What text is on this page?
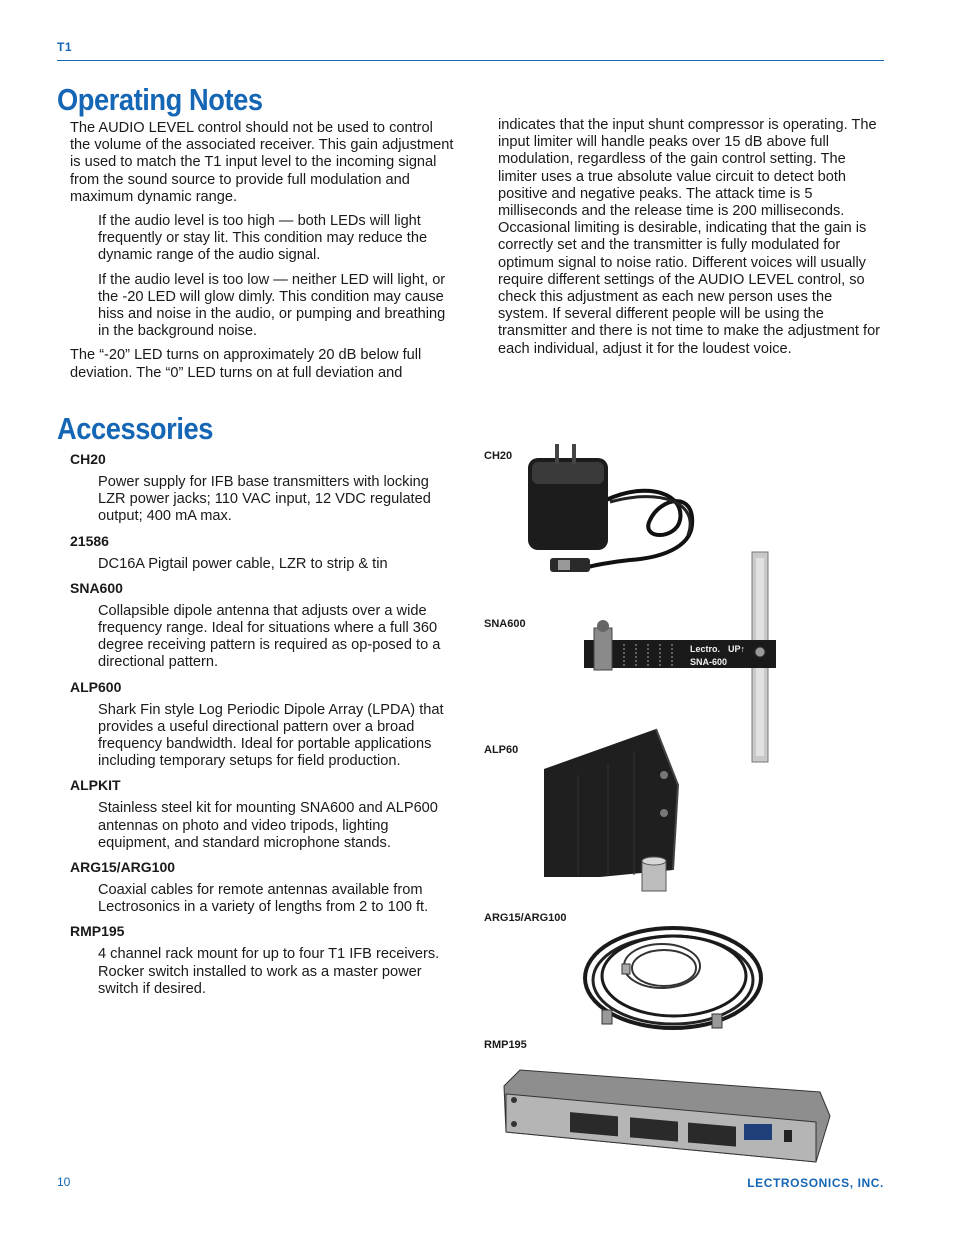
T1
Operating Notes

The AUDIO LEVEL control should not be used to control the volume of the associated receiver. This gain adjustment is used to match the T1 input level to the incoming signal from the sound source to provide full modulation and maximum dynamic range.

If the audio level is too high — both LEDs will light frequently or stay lit. This condition may reduce the dynamic range of the audio signal.

If the audio level is too low — neither LED will light, or the -20 LED will glow dimly. This condition may cause hiss and noise in the audio, or pumping and breathing in the background noise.

The “-20” LED turns on approximately 20 dB below full deviation. The “0” LED turns on at full deviation and

indicates that the input shunt compressor is operating. The input limiter will handle peaks over 15 dB above full modulation, regardless of the gain control setting. The limiter uses a true absolute value circuit to detect both positive and negative peaks. The attack time is 5 milliseconds and the release time is 200 milliseconds. Occasional limiting is desirable, indicating that the gain is correctly set and the transmitter is fully modulated for optimum signal to noise ratio. Different voices will usually require different settings of the AUDIO LEVEL control, so check this adjustment as each new person uses the system. If several different people will be using the transmitter and there is not time to make the adjustment for each individual, adjust it for the loudest voice.

Accessories
CH20

Power supply for IFB base transmitters with locking LZR power jacks; 110 VAC input, 12 VDC regulated output; 400 mA max.

21586

DC16A Pigtail power cable, LZR to strip & tin

SNA600

Collapsible dipole antenna that adjusts over a wide frequency range. Ideal for situations where a full 360 degree receiving pattern is required as op-posed to a directional pattern.

ALP600

Shark Fin style Log Periodic Dipole Array (LPDA) that provides a useful directional pattern over a broad frequency bandwidth. Ideal for portable applications including temporary setups for field production.

ALPKIT

Stainless steel kit for mounting SNA600 and ALP600 antennas on photo and video tripods, lighting equipment, and standard microphone stands.

ARG15/ARG100

Coaxial cables for remote antennas available from Lectrosonics in a variety of lengths from 2 to 100 ft.

RMP195

4 channel rack mount for up to four T1 IFB receivers. Rocker switch installed to work as a master power switch if desired.

CH20
SNA600
ALP60
ARG15/ARG100
RMP195
Lectro. UP↑
SNA-600
10	LECTROSONICS, INC.
